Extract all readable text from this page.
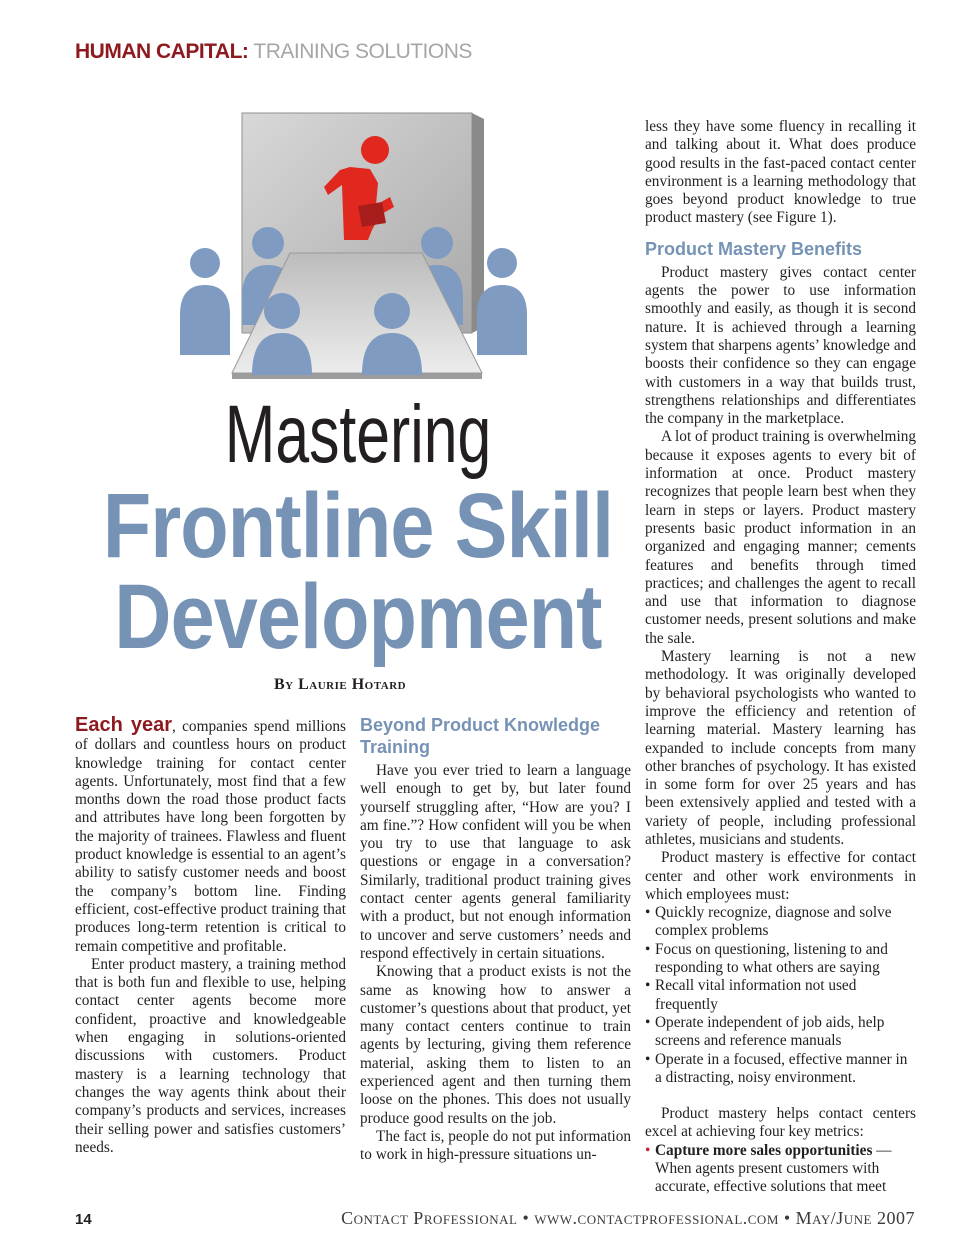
HUMAN CAPITAL: TRAINING SOLUTIONS
Mastering
Frontline Skill
Development
By Laurie Hotard

Each year, companies spend millions of dollars and countless hours on product knowledge training for contact center agents. Unfortunately, most find that a few months down the road those product facts and attributes have long been forgotten by the majority of trainees. Flawless and fluent product knowledge is essential to an agent’s ability to satisfy customer needs and boost the company’s bottom line. Finding efficient, cost-effective product training that produces long-term retention is critical to remain competitive and profitable.

Enter product mastery, a training method that is both fun and flexible to use, helping contact center agents become more confident, proactive and knowledgeable when engaging in solutions-oriented discussions with customers. Product mastery is a learning technology that changes the way agents think about their company’s products and services, increases their selling power and satisfies customers’ needs.

Beyond Product Knowledge Training

Have you ever tried to learn a language well enough to get by, but later found yourself struggling after, “How are you? I am fine.”? How confident will you be when you try to use that language to ask questions or engage in a conversation? Similarly, traditional product training gives contact center agents general familiarity with a product, but not enough information to uncover and serve customers’ needs and respond effectively in certain situations.

Knowing that a product exists is not the same as knowing how to answer a customer’s questions about that product, yet many contact centers continue to train agents by lecturing, giving them reference material, asking them to listen to an experienced agent and then turning them loose on the phones. This does not usually produce good results on the job.

The fact is, people do not put information to work in high-pressure situations un-

less they have some fluency in recalling it and talking about it. What does produce good results in the fast-paced contact center environment is a learning methodology that goes beyond product knowledge to true product mastery (see Figure 1).

Product Mastery Benefits

Product mastery gives contact center agents the power to use information smoothly and easily, as though it is second nature. It is achieved through a learning system that sharpens agents’ knowledge and boosts their confidence so they can engage with customers in a way that builds trust, strengthens relationships and differentiates the company in the marketplace.

A lot of product training is overwhelming because it exposes agents to every bit of information at once. Product mastery recognizes that people learn best when they learn in steps or layers. Product mastery presents basic product information in an organized and engaging manner; cements features and benefits through timed practices; and challenges the agent to recall and use that information to diagnose customer needs, present solutions and make the sale.

Mastery learning is not a new methodology. It was originally developed by behavioral psychologists who wanted to improve the efficiency and retention of learning material. Mastery learning has expanded to include concepts from many other branches of psychology. It has existed in some form for over 25 years and has been extensively applied and tested with a variety of people, including professional athletes, musicians and students.

Product mastery is effective for contact center and other work environments in which employees must:

• Quickly recognize, diagnose and solve complex problems
• Focus on questioning, listening to and responding to what others are saying
• Recall vital information not used frequently
• Operate independent of job aids, help screens and reference manuals
• Operate in a focused, effective manner in a distracting, noisy environment.

Product mastery helps contact centers excel at achieving four key metrics:

• Capture more sales opportunities — When agents present customers with accurate, effective solutions that meet
14	Contact Professional • www.contactprofessional.com • May/June 2007
